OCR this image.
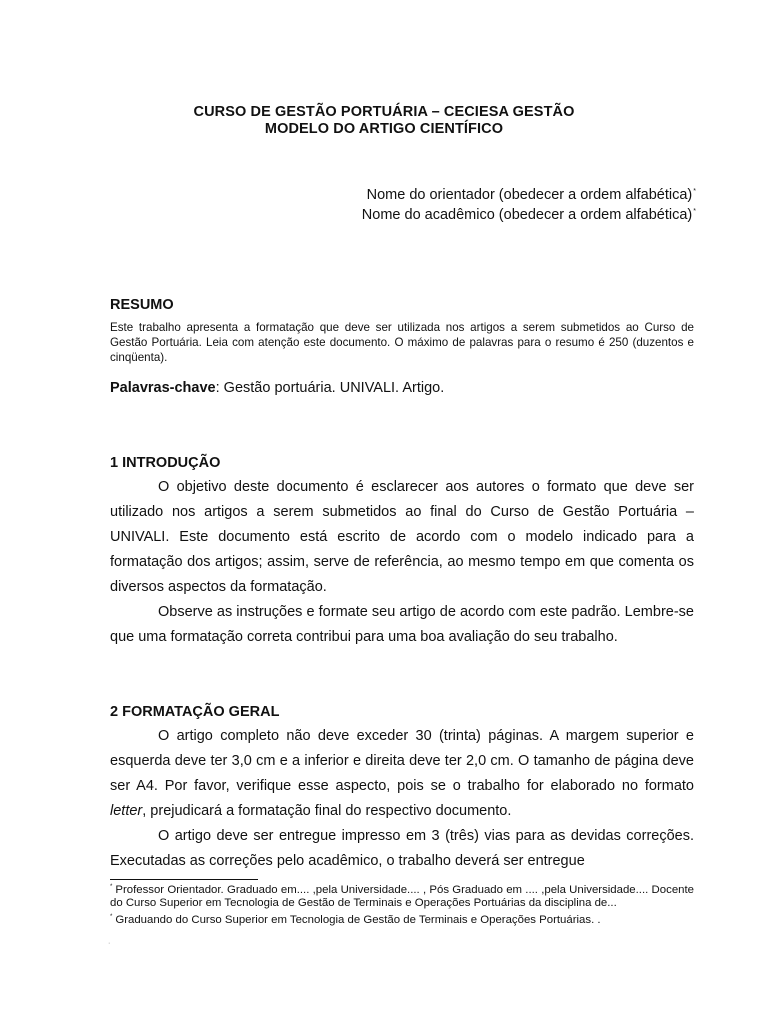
CURSO DE GESTÃO PORTUÁRIA – CECIESA GESTÃO
MODELO DO ARTIGO CIENTÍFICO
Nome do orientador (obedecer a ordem alfabética)*
Nome do acadêmico (obedecer a ordem alfabética)*
RESUMO
Este trabalho apresenta a formatação que deve ser utilizada nos artigos a serem submetidos ao Curso de Gestão Portuária. Leia com atenção este documento. O máximo de palavras para o resumo é 250 (duzentos e cinqüenta).
Palavras-chave: Gestão portuária. UNIVALI. Artigo.
1 INTRODUÇÃO

O objetivo deste documento é esclarecer aos autores o formato que deve ser utilizado nos artigos a serem submetidos ao final do Curso de Gestão Portuária – UNIVALI. Este documento está escrito de acordo com o modelo indicado para a formatação dos artigos; assim, serve de referência, ao mesmo tempo em que comenta os diversos aspectos da formatação.

Observe as instruções e formate seu artigo de acordo com este padrão. Lembre-se que uma formatação correta contribui para uma boa avaliação do seu trabalho.

2 FORMATAÇÃO GERAL

O artigo completo não deve exceder 30 (trinta) páginas. A margem superior e esquerda deve ter 3,0 cm e a inferior e direita deve ter 2,0 cm. O tamanho de página deve ser A4. Por favor, verifique esse aspecto, pois se o trabalho for elaborado no formato letter, prejudicará a formatação final do respectivo documento.

O artigo deve ser entregue impresso em 3 (três) vias para as devidas correções. Executadas as correções pelo acadêmico, o trabalho deverá ser entregue

* Professor Orientador. Graduado em.... ,pela Universidade.... , Pós Graduado em .... ,pela Universidade.... Docente do Curso Superior em Tecnologia de Gestão de Terminais e Operações Portuárias da disciplina de...

* Graduando do Curso Superior em Tecnologia de Gestão de Terminais e Operações Portuárias. .

·
